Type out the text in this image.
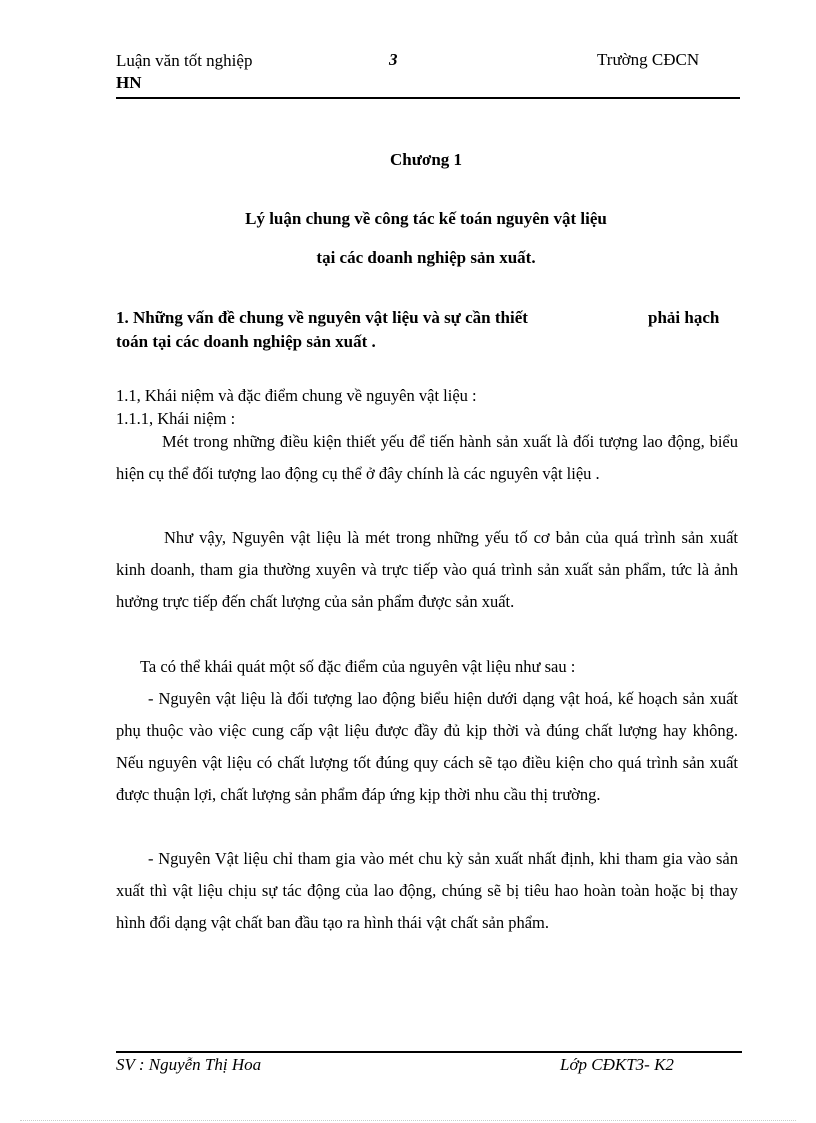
Luận văn tốt nghiệp
HN
3	Trường CĐCN
Chương 1
Lý luận chung về công tác kế toán nguyên vật liệu
tại các doanh nghiệp sản xuất.
1. Những vấn đề chung về nguyên vật liệu và sự cần thiết	phải hạch
toán tại các doanh nghiệp sản xuất .
1.1, Khái niệm và đặc điểm chung về nguyên vật liệu :
1.1.1, Khái niệm :
Mét trong những điều kiện thiết yếu để tiến hành sản xuất là đối tượng lao động, biểu hiện cụ thể đối tượng lao động cụ thể ở đây chính là các nguyên vật liệu .
Như vậy, Nguyên vật liệu là mét trong những yếu tố cơ bản của quá trình sản xuất kinh doanh, tham gia thường xuyên và trực tiếp vào quá trình sản xuất sản phẩm, tức là ảnh hưởng trực tiếp đến chất lượng của sản phẩm được sản xuất.
Ta có thể khái quát một số đặc điểm của nguyên vật liệu như sau :
- Nguyên vật liệu là đối tượng lao động biểu hiện dưới dạng vật hoá, kế hoạch sản xuất phụ thuộc vào việc cung cấp vật liệu được đầy đủ kịp thời và đúng chất lượng hay không. Nếu nguyên vật liệu có chất lượng tốt đúng quy cách sẽ tạo điều kiện cho quá trình sản xuất được thuận lợi, chất lượng sản phẩm đáp ứng kịp thời nhu cầu thị trường.
- Nguyên Vật liệu chỉ tham gia vào mét chu kỳ sản xuất nhất định, khi tham gia vào sản xuất thì vật liệu chịu sự tác động của lao động, chúng sẽ bị tiêu hao hoàn toàn hoặc bị thay hình đổi dạng vật chất ban đầu tạo ra hình thái vật chất sản phẩm.
SV : Nguyễn Thị Hoa	Lớp CĐKT3- K2
